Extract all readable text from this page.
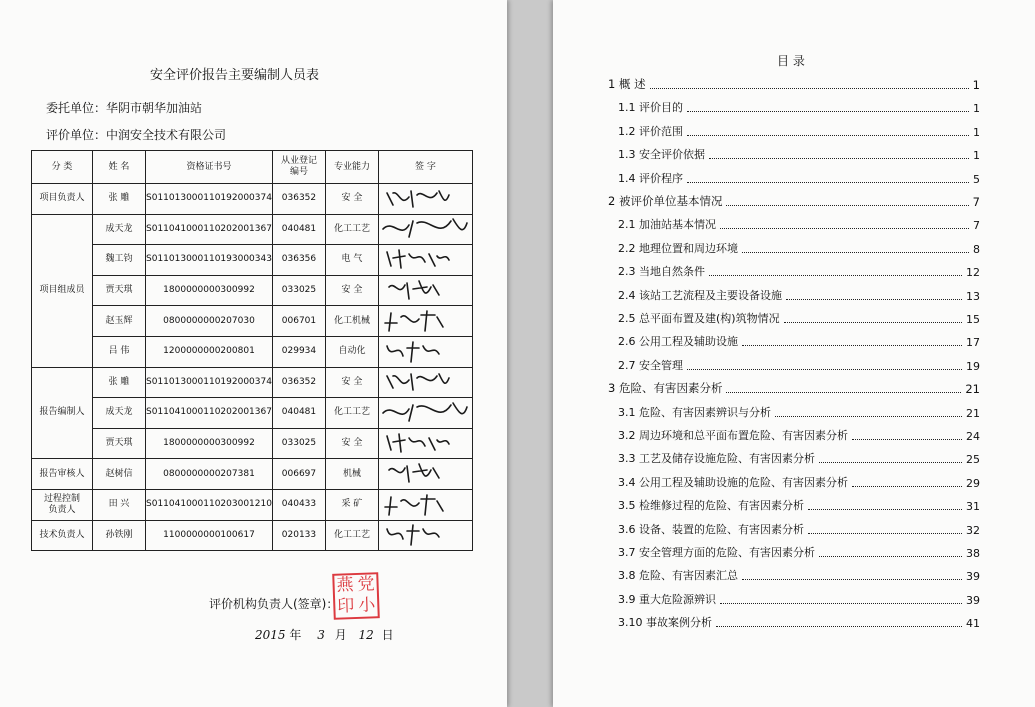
安全评价报告主要编制人员表
委托单位：华阴市朝华加油站
评价单位：中润安全技术有限公司
分 类	姓 名	资格证书号	从业登记编号	专业能力	签 字
项目负责人	张 雕	S011013000110192000374	036352	安 全	

项目组成员	成天龙	S011041000110202001367	040481	化工工艺	

	魏工钧	S011013000110193000343	036356	电 气	

	贾天琪	1800000000300992	033025	安 全	

	赵玉辉	0800000000207030	006701	化工机械	

	吕 伟	1200000000200801	029934	自动化	

报告编制人	张 雕	S011013000110192000374	036352	安 全	

	成天龙	S011041000110202001367	040481	化工工艺	

	贾天琪	1800000000300992	033025	安 全	

报告审核人	赵树信	0800000000207381	006697	机械	

过程控制负责人	田 兴	S011041000110203001210	040433	采 矿	

技术负责人	孙铁刚	1100000000100617	020133	化工工艺	
评价机构负责人(签章)：
燕 党
印 小
2015 年 3 月 12 日
目 录
1 概 述	1
1.1 评价目的	1
1.2 评价范围	1
1.3 安全评价依据	1
1.4 评价程序	5
2 被评价单位基本情况	7
2.1 加油站基本情况	7
2.2 地理位置和周边环境	8
2.3 当地自然条件	12
2.4 该站工艺流程及主要设备设施	13
2.5 总平面布置及建(构)筑物情况	15
2.6 公用工程及辅助设施	17
2.7 安全管理	19
3 危险、有害因素分析	21
3.1 危险、有害因素辨识与分析	21
3.2 周边环境和总平面布置危险、有害因素分析	24
3.3 工艺及储存设施危险、有害因素分析	25
3.4 公用工程及辅助设施的危险、有害因素分析	29
3.5 检维修过程的危险、有害因素分析	31
3.6 设备、装置的危险、有害因素分析	32
3.7 安全管理方面的危险、有害因素分析	38
3.8 危险、有害因素汇总	39
3.9 重大危险源辨识	39
3.10 事故案例分析	41
